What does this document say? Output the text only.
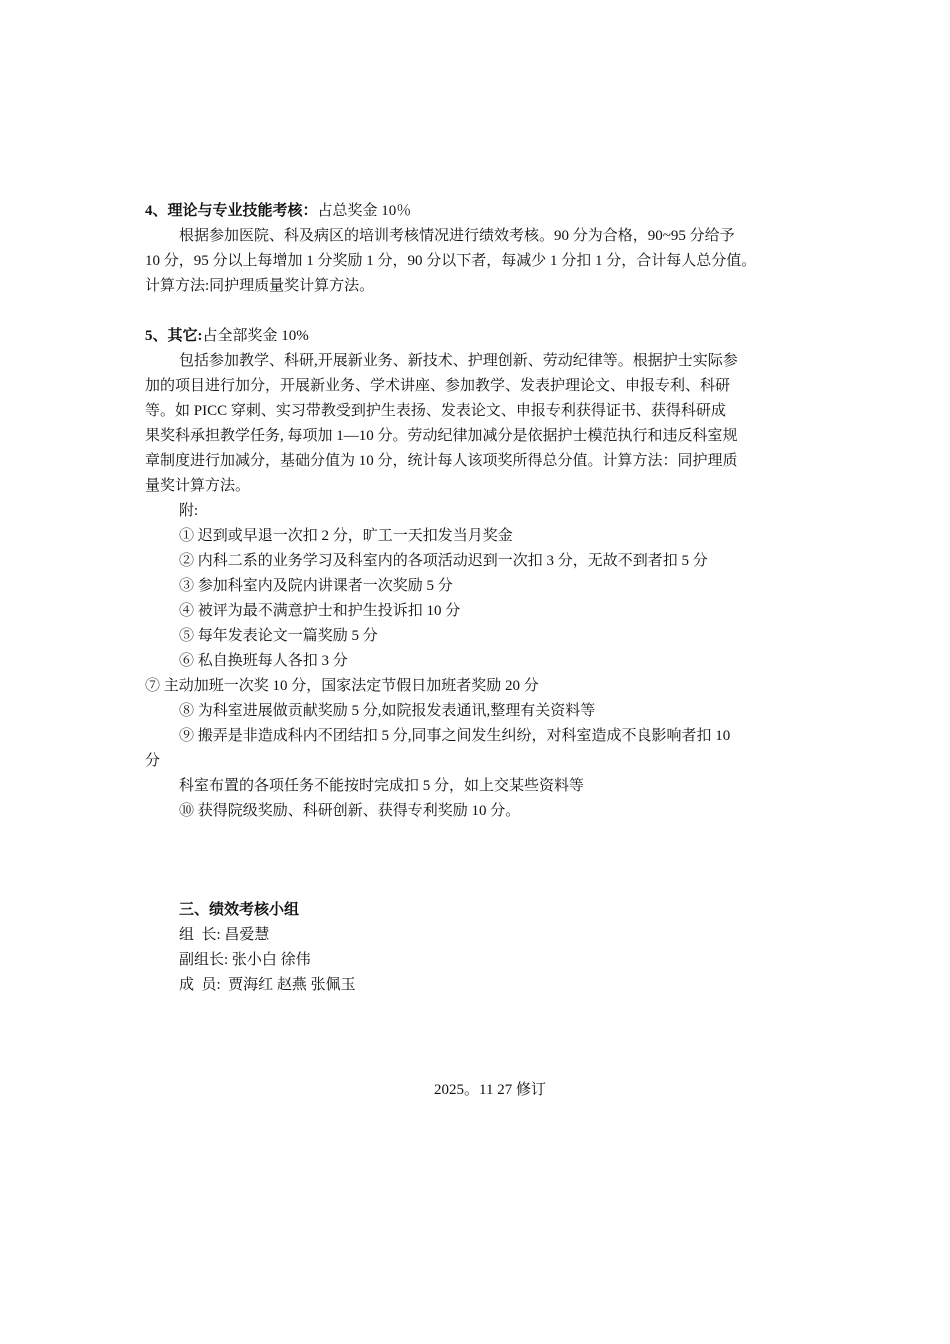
4、理论与专业技能考核：占总奖金 10％
根据参加医院、科及病区的培训考核情况进行绩效考核。90 分为合格，90~95 分给予
10 分，95 分以上每增加 1 分奖励 1 分，90 分以下者，每减少 1 分扣 1 分，合计每人总分值。
计算方法:同护理质量奖计算方法。
5、其它:占全部奖金 10%
包括参加教学、科研,开展新业务、新技术、护理创新、劳动纪律等。根据护士实际参
加的项目进行加分，开展新业务、学术讲座、参加教学、发表护理论文、申报专利、科研
等。如 PICC 穿刺、实习带教受到护生表扬、发表论文、申报专利获得证书、获得科研成
果奖科承担教学任务, 每项加 1—10 分。劳动纪律加减分是依据护士模范执行和违反科室规
章制度进行加减分，基础分值为 10 分，统计每人该项奖所得总分值。计算方法：同护理质
量奖计算方法。
附:
① 迟到或早退一次扣 2 分，旷工一天扣发当月奖金
② 内科二系的业务学习及科室内的各项活动迟到一次扣 3 分，无故不到者扣 5 分
③ 参加科室内及院内讲课者一次奖励 5 分
④ 被评为最不满意护士和护生投诉扣 10 分
⑤ 每年发表论文一篇奖励 5 分
⑥ 私自换班每人各扣 3 分
⑦ 主动加班一次奖 10 分，国家法定节假日加班者奖励 20 分
⑧ 为科室进展做贡献奖励 5 分,如院报发表通讯,整理有关资料等
⑨ 搬弄是非造成科内不团结扣 5 分,同事之间发生纠纷，对科室造成不良影响者扣 10
分
科室布置的各项任务不能按时完成扣 5 分，如上交某些资料等
⑩ 获得院级奖励、科研创新、获得专利奖励 10 分。
三、绩效考核小组
组  长: 昌爱慧
副组长: 张小白 徐伟
成  员:  贾海红 赵燕 张佩玉
2025。11 27 修订
